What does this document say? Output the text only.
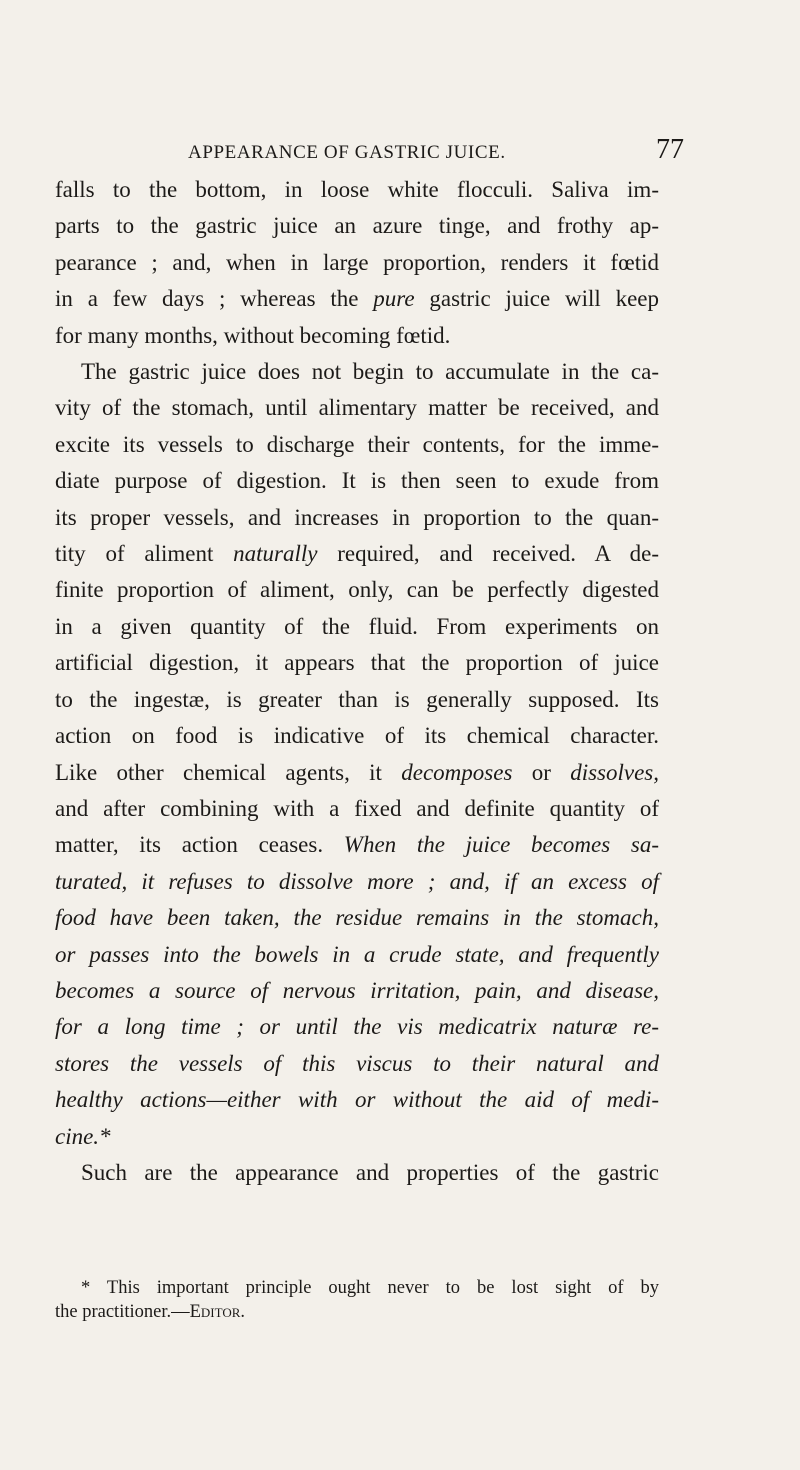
APPEARANCE OF GASTRIC JUICE.	77
falls to the bottom, in loose white flocculi. Saliva im-
parts to the gastric juice an azure tinge, and frothy ap-
pearance ; and, when in large proportion, renders it fœtid
in a few days ; whereas the pure gastric juice will keep
for many months, without becoming fœtid.
The gastric juice does not begin to accumulate in the ca-
vity of the stomach, until alimentary matter be received, and
excite its vessels to discharge their contents, for the imme-
diate purpose of digestion. It is then seen to exude from
its proper vessels, and increases in proportion to the quan-
tity of aliment naturally required, and received. A de-
finite proportion of aliment, only, can be perfectly digested
in a given quantity of the fluid. From experiments on
artificial digestion, it appears that the proportion of juice
to the ingestæ, is greater than is generally supposed. Its
action on food is indicative of its chemical character.
Like other chemical agents, it decomposes or dissolves,
and after combining with a fixed and definite quantity of
matter, its action ceases. When the juice becomes sa-
turated, it refuses to dissolve more ; and, if an excess of
food have been taken, the residue remains in the stomach,
or passes into the bowels in a crude state, and frequently
becomes a source of nervous irritation, pain, and disease,
for a long time ; or until the vis medicatrix naturæ re-
stores the vessels of this viscus to their natural and
healthy actions—either with or without the aid of medi-
cine.*
Such are the appearance and properties of the gastric
* This important principle ought never to be lost sight of by
the practitioner.—Editor.
